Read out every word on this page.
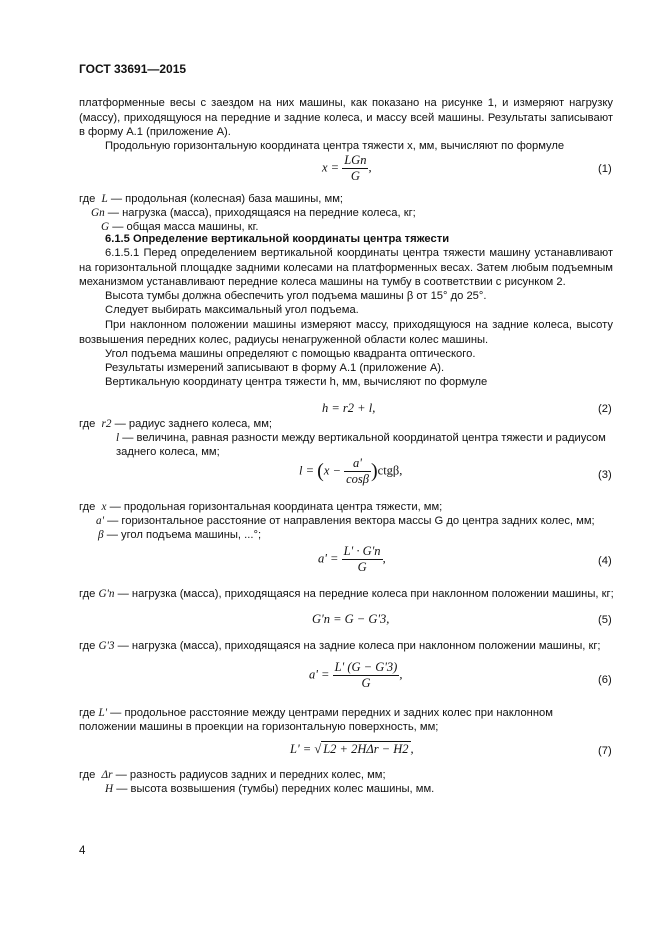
ГОСТ 33691—2015
платформенные весы с заездом на них машины, как показано на рисунке 1, и измеряют нагрузку (массу), приходящуюся на передние и задние колеса, и массу всей машины. Результаты записывают в форму А.1 (приложение А).
Продольную горизонтальную координата центра тяжести x, мм, вычисляют по формуле
$x = \frac{\text{LGп}}{G}$ ,	(1)
где L — продольная (колесная) база машины, мм;
Gп — нагрузка (масса), приходящаяся на передние колеса, кг;
G — общая масса машины, кг.
6.1.5 Определение вертикальной координаты центра тяжести
6.1.5.1 Перед определением вертикальной координаты центра тяжести машину устанавливают на горизонтальной площадке задними колесами на платформенных весах. Затем любым подъемным механизмом устанавливают передние колеса машины на тумбу в соответствии с рисунком 2.
Высота тумбы должна обеспечить угол подъема машины β от 15° до 25°.
Следует выбирать максимальный угол подъема.
При наклонном положении машины измеряют массу, приходящуюся на задние колеса, высоту возвышения передних колес, радиусы ненагруженной области колес машины.
Угол подъема машины определяют с помощью квадранта оптического.
Результаты измерений записывают в форму А.1 (приложение А).
Вертикальную координату центра тяжести h, мм, вычисляют по формуле
h = r2 + l,	(2)
где r2 — радиус заднего колеса, мм;
l — величина, равная разности между вертикальной координатой центра тяжести и радиусом заднего колеса, мм;
$l = (x - \frac{a'}{\cos\beta} )ctg\beta$,	(3)
где x — продольная горизонтальная координата центра тяжести, мм;
a' — горизонтальное расстояние от направления вектора массы G до центра задних колес, мм;
β — угол подъема машины, ...°;
$a' = \frac{L' \cdot G'п}{G}$ ,	(4)
где G'п — нагрузка (масса), приходящаяся на передние колеса при наклонном положении машины, кг;
G'п = G − G'3,	(5)
где G'3 — нагрузка (масса), приходящаяся на задние колеса при наклонном положении машины, кг;
$a' = \frac{L' (G - G'3)}{G}$ ,	(6)
где L' — продольное расстояние между центрами передних и задних колес при наклонном положении машины в проекции на горизонтальную поверхность, мм;
L' = √ L2 + 2HΔr − H2 ,	(7)
где Δr — разность радиусов задних и передних колес, мм;
H — высота возвышения (тумбы) передних колес машины, мм.
4
